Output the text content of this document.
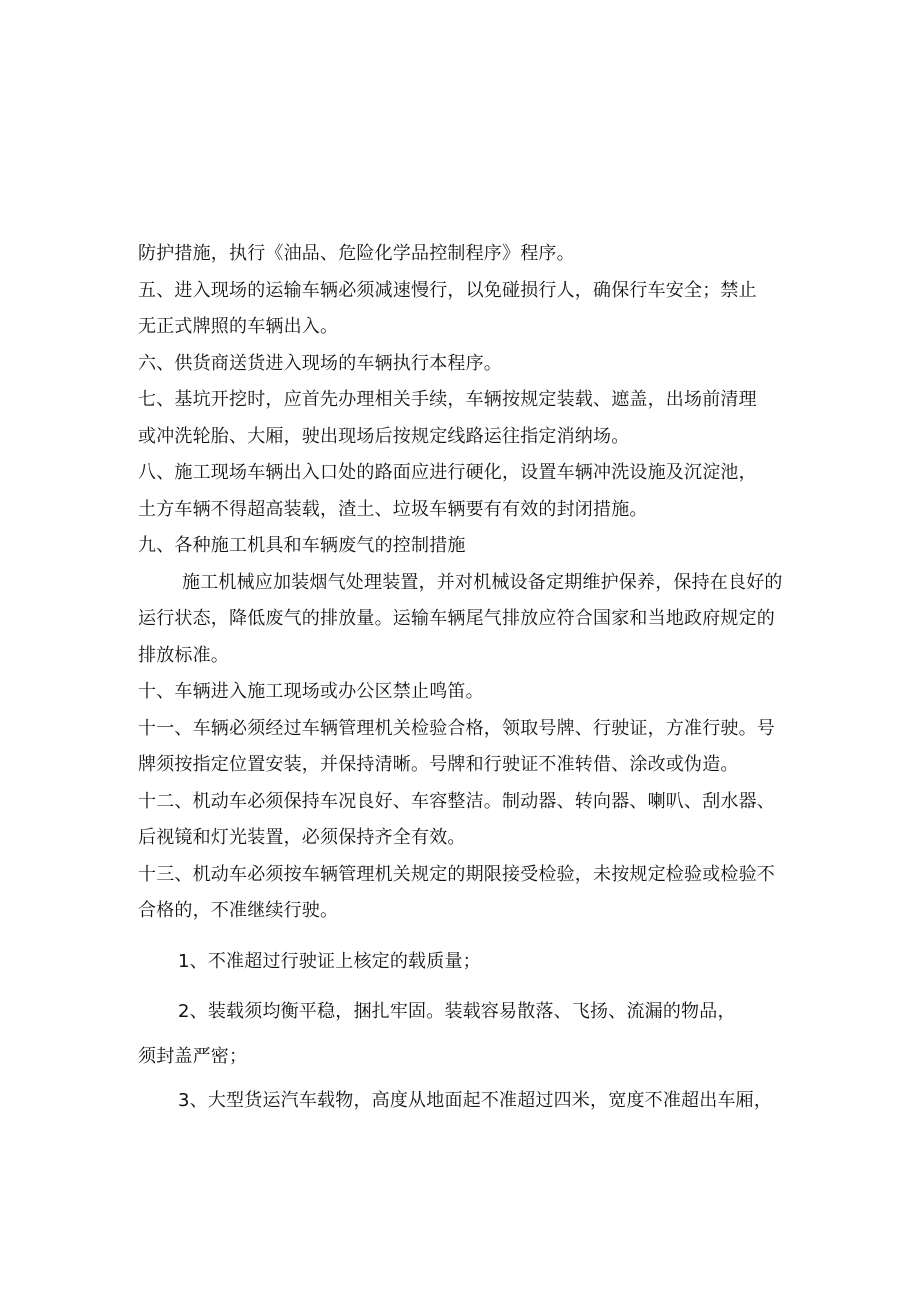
防护措施，执行《油品、危险化学品控制程序》程序。
五、进入现场的运输车辆必须减速慢行，以免碰损行人，确保行车安全；禁止
无正式牌照的车辆出入。
六、供货商送货进入现场的车辆执行本程序。
七、基坑开挖时，应首先办理相关手续，车辆按规定装载、遮盖，出场前清理
或冲洗轮胎、大厢，驶出现场后按规定线路运往指定消纳场。
八、施工现场车辆出入口处的路面应进行硬化，设置车辆冲洗设施及沉淀池，
土方车辆不得超高装载，渣土、垃圾车辆要有有效的封闭措施。
九、各种施工机具和车辆废气的控制措施
施工机械应加装烟气处理装置，并对机械设备定期维护保养，保持在良好的
运行状态，降低废气的排放量。运输车辆尾气排放应符合国家和当地政府规定的
排放标准。
十、车辆进入施工现场或办公区禁止鸣笛。
十一、车辆必须经过车辆管理机关检验合格，领取号牌、行驶证，方准行驶。号
牌须按指定位置安装，并保持清晰。号牌和行驶证不准转借、涂改或伪造。
十二、机动车必须保持车况良好、车容整洁。制动器、转向器、喇叭、刮水器、
后视镜和灯光装置，必须保持齐全有效。
十三、机动车必须按车辆管理机关规定的期限接受检验，未按规定检验或检验不
合格的，不准继续行驶。
1、不准超过行驶证上核定的载质量；
2、装载须均衡平稳，捆扎牢固。装载容易散落、飞扬、流漏的物品，
须封盖严密；
3、大型货运汽车载物，高度从地面起不准超过四米，宽度不准超出车厢，
